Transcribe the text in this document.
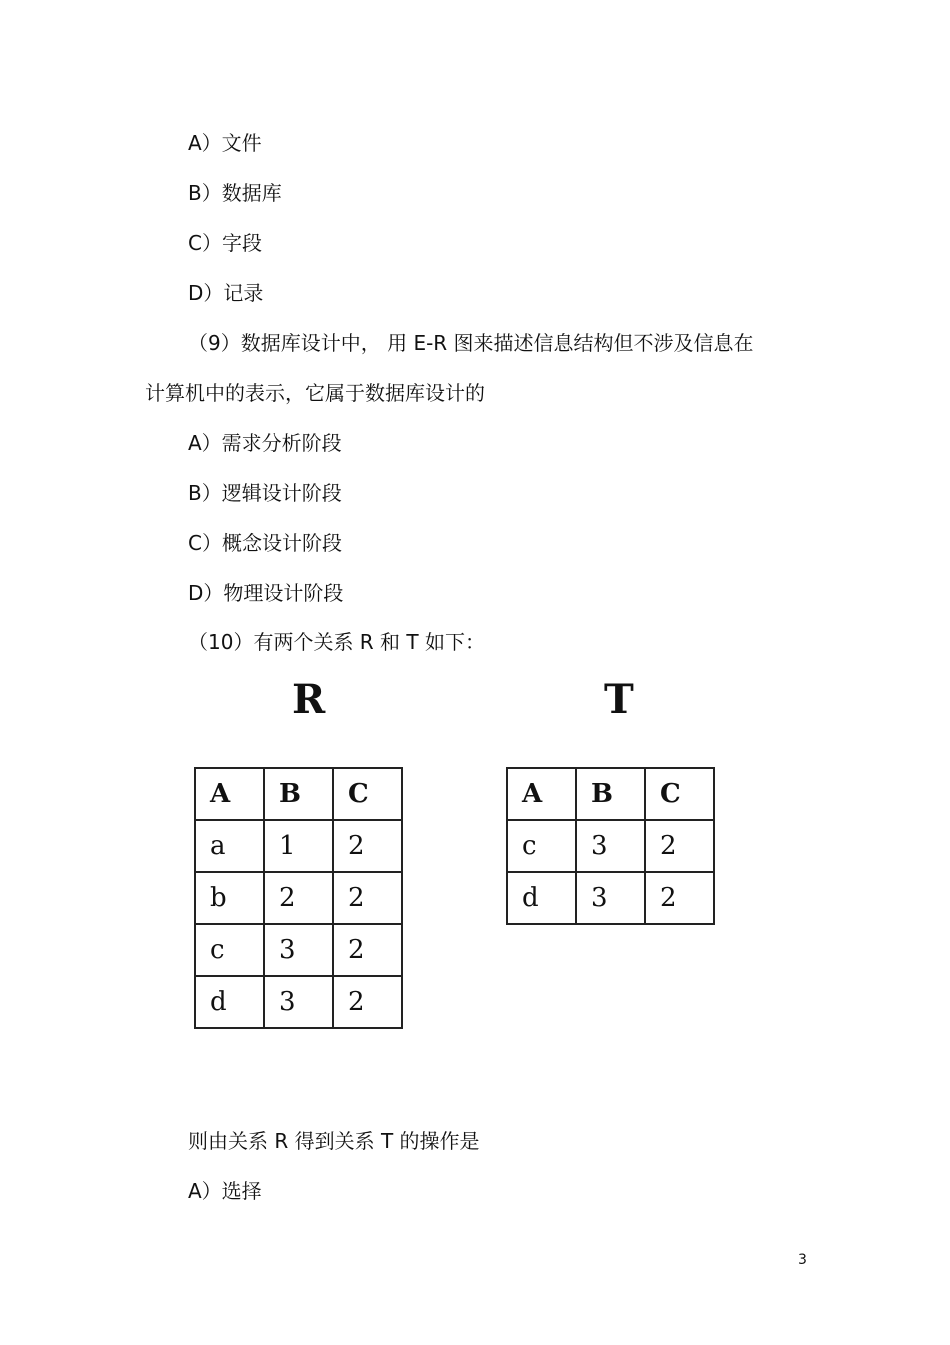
A）文件
B）数据库
C）字段
D）记录
（9）数据库设计中， 用 E-R 图来描述信息结构但不涉及信息在
计算机中的表示，它属于数据库设计的
A）需求分析阶段
B）逻辑设计阶段
C）概念设计阶段
D）物理设计阶段
（10）有两个关系 R 和 T 如下：
R	T
A	B	C
a	1	2
b	2	2
c	3	2
d	3	2
A	B	C
c	3	2
d	3	2
则由关系 R 得到关系 T 的操作是
A）选择
3
